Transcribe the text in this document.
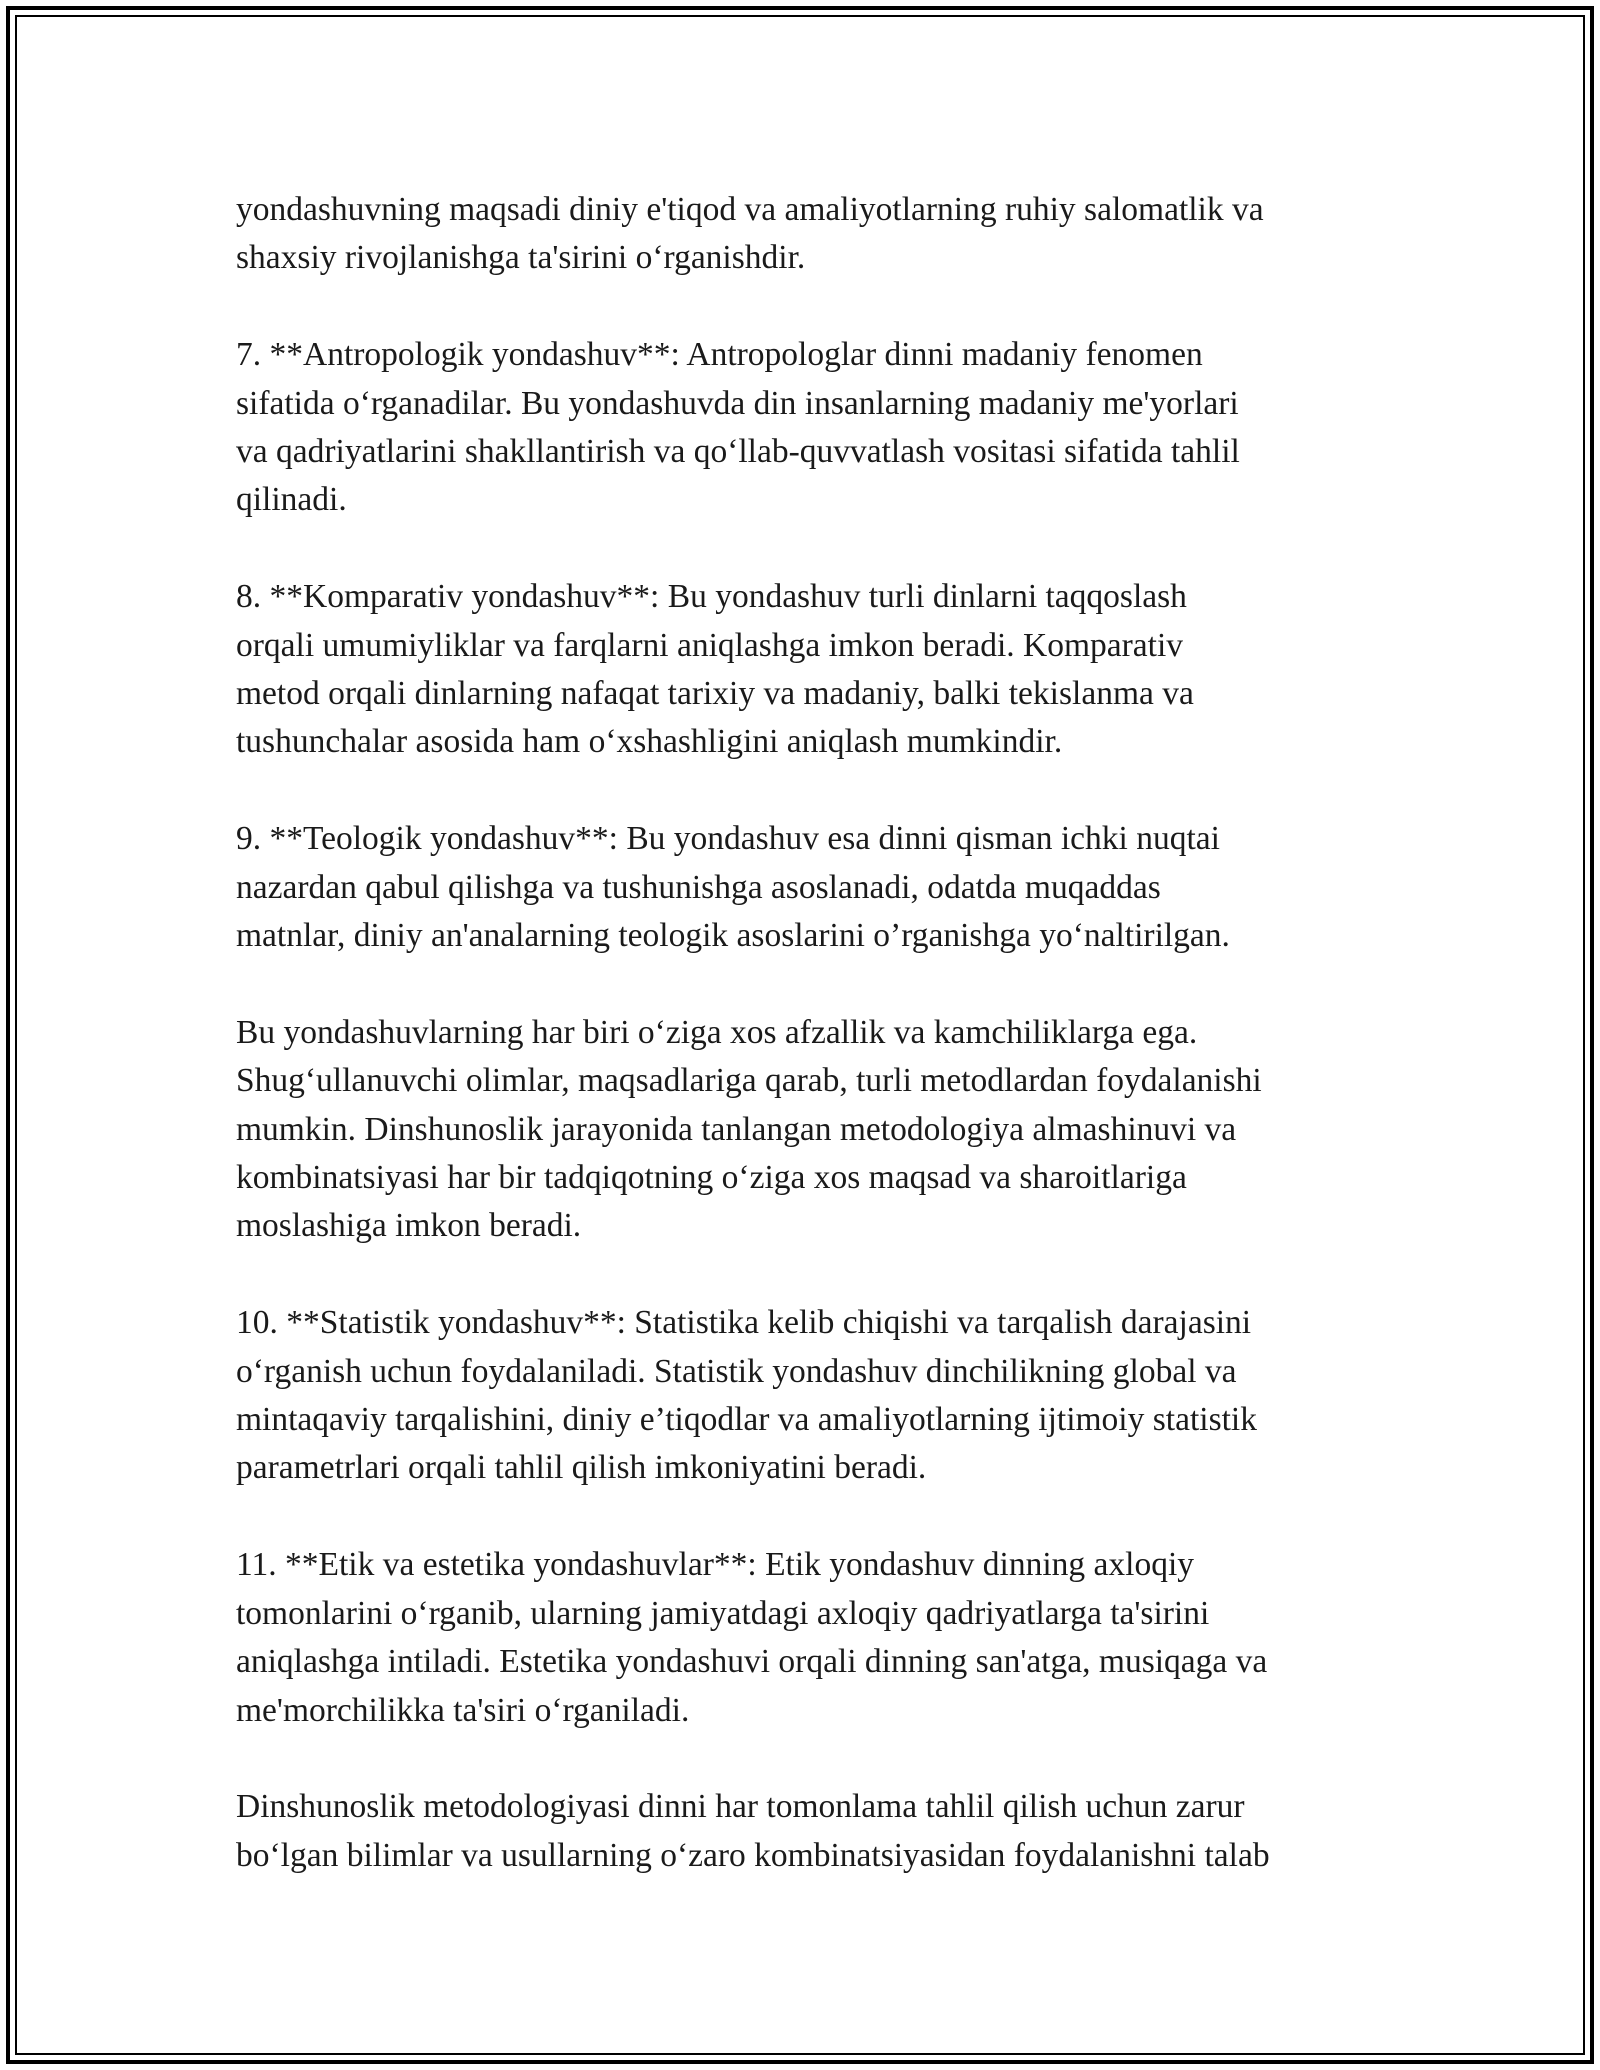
yondashuvning maqsadi diniy e'tiqod va amaliyotlarning ruhiy salomatlik va
shaxsiy rivojlanishga ta'sirini o‘rganishdir.

7. **Antropologik yondashuv**: Antropologlar dinni madaniy fenomen
sifatida o‘rganadilar. Bu yondashuvda din insanlarning madaniy me'yorlari
va qadriyatlarini shakllantirish va qo‘llab-quvvatlash vositasi sifatida tahlil
qilinadi.

8. **Komparativ yondashuv**: Bu yondashuv turli dinlarni taqqoslash
orqali umumiyliklar va farqlarni aniqlashga imkon beradi. Komparativ
metod orqali dinlarning nafaqat tarixiy va madaniy, balki tekislanma va
tushunchalar asosida ham o‘xshashligini aniqlash mumkindir.

9. **Teologik yondashuv**: Bu yondashuv esa dinni qisman ichki nuqtai
nazardan qabul qilishga va tushunishga asoslanadi, odatda muqaddas
matnlar, diniy an'analarning teologik asoslarini o’rganishga yo‘naltirilgan.

Bu yondashuvlarning har biri o‘ziga xos afzallik va kamchiliklarga ega.
Shug‘ullanuvchi olimlar, maqsadlariga qarab, turli metodlardan foydalanishi
mumkin. Dinshunoslik jarayonida tanlangan metodologiya almashinuvi va
kombinatsiyasi har bir tadqiqotning o‘ziga xos maqsad va sharoitlariga
moslashiga imkon beradi.

10. **Statistik yondashuv**: Statistika kelib chiqishi va tarqalish darajasini
o‘rganish uchun foydalaniladi. Statistik yondashuv dinchilikning global va
mintaqaviy tarqalishini, diniy e’tiqodlar va amaliyotlarning ijtimoiy statistik
parametrlari orqali tahlil qilish imkoniyatini beradi.

11. **Etik va estetika yondashuvlar**: Etik yondashuv dinning axloqiy
tomonlarini o‘rganib, ularning jamiyatdagi axloqiy qadriyatlarga ta'sirini
aniqlashga intiladi. Estetika yondashuvi orqali dinning san'atga, musiqaga va
me'morchilikka ta'siri o‘rganiladi.

Dinshunoslik metodologiyasi dinni har tomonlama tahlil qilish uchun zarur
bo‘lgan bilimlar va usullarning o‘zaro kombinatsiyasidan foydalanishni talab
